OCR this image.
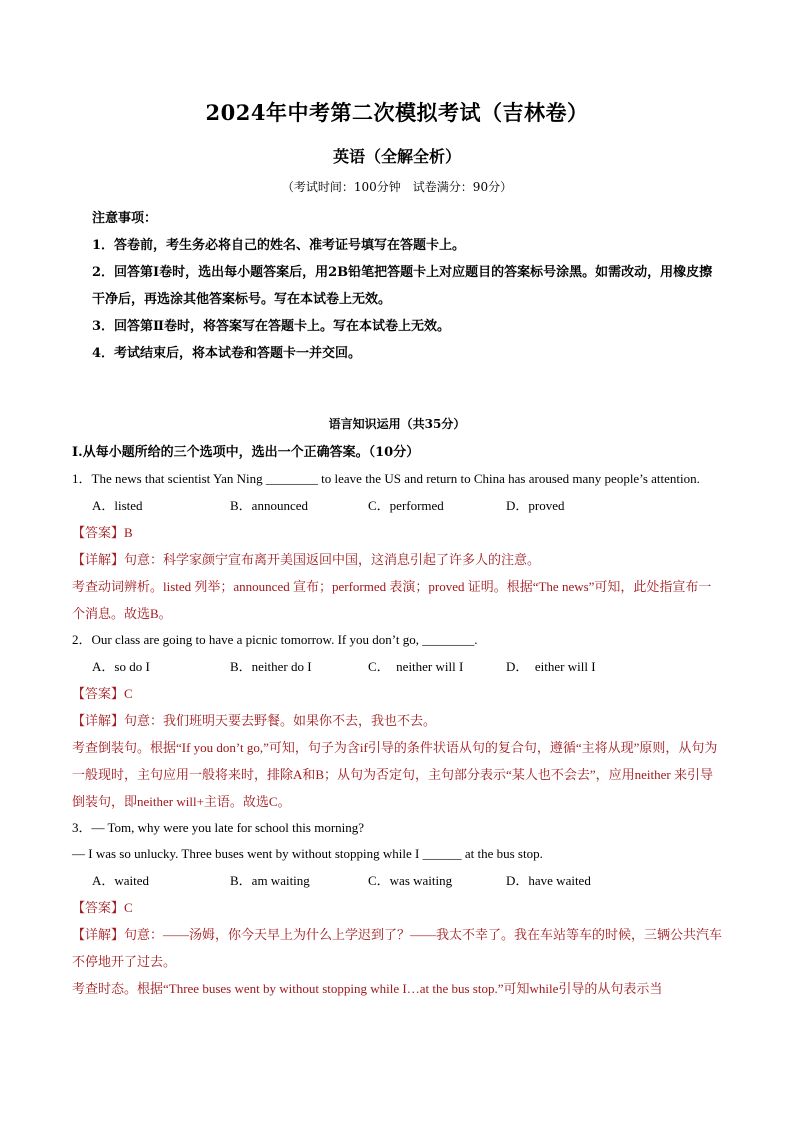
2024年中考第二次模拟考试（吉林卷）
英语（全解全析）
（考试时间：100分钟　试卷满分：90分）

注意事项：

1．答卷前，考生务必将自己的姓名、准考证号填写在答题卡上。

2．回答第Ⅰ卷时，选出每小题答案后，用2B铅笔把答题卡上对应题目的答案标号涂黑。如需改动，用橡皮擦干净后，再选涂其他答案标号。写在本试卷上无效。

3．回答第Ⅱ卷时，将答案写在答题卡上。写在本试卷上无效。

4．考试结束后，将本试卷和答题卡一并交回。

语言知识运用（共35分）
I.从每小题所给的三个选项中，选出一个正确答案。（10分）

1．The news that scientist Yan Ning ________ to leave the US and return to China has aroused many people’s attention.

A．listed	B．announced	C．performed	D．proved

【答案】B

【详解】句意：科学家颜宁宣布离开美国返回中国，这消息引起了许多人的注意。

考查动词辨析。listed 列举；announced 宣布；performed 表演；proved 证明。根据“The news”可知，此处指宣布一个消息。故选B。

2．Our class are going to have a picnic tomorrow. If you don’t go, ________.

A．so do I	B．neither do I	C．  neither will I	D．  either will I

【答案】C

【详解】句意：我们班明天要去野餐。如果你不去，我也不去。

考查倒装句。根据“If you don’t go,”可知，句子为含if引导的条件状语从句的复合句，遵循“主将从现”原则，从句为一般现时，主句应用一般将来时，排除A和B；从句为否定句，主句部分表示“某人也不会去”，应用neither 来引导倒装句，即neither will+主语。故选C。

3．— Tom, why were you late for school this morning?

— I was so unlucky. Three buses went by without stopping while I ______ at the bus stop.

A．waited	B．am waiting	C．was waiting	D．have waited

【答案】C

【详解】句意：——汤姆，你今天早上为什么上学迟到了？——我太不幸了。我在车站等车的时候，三辆公共汽车不停地开了过去。

考查时态。根据“Three buses went by without stopping while I…at the bus stop.”可知while引导的从句表示当
